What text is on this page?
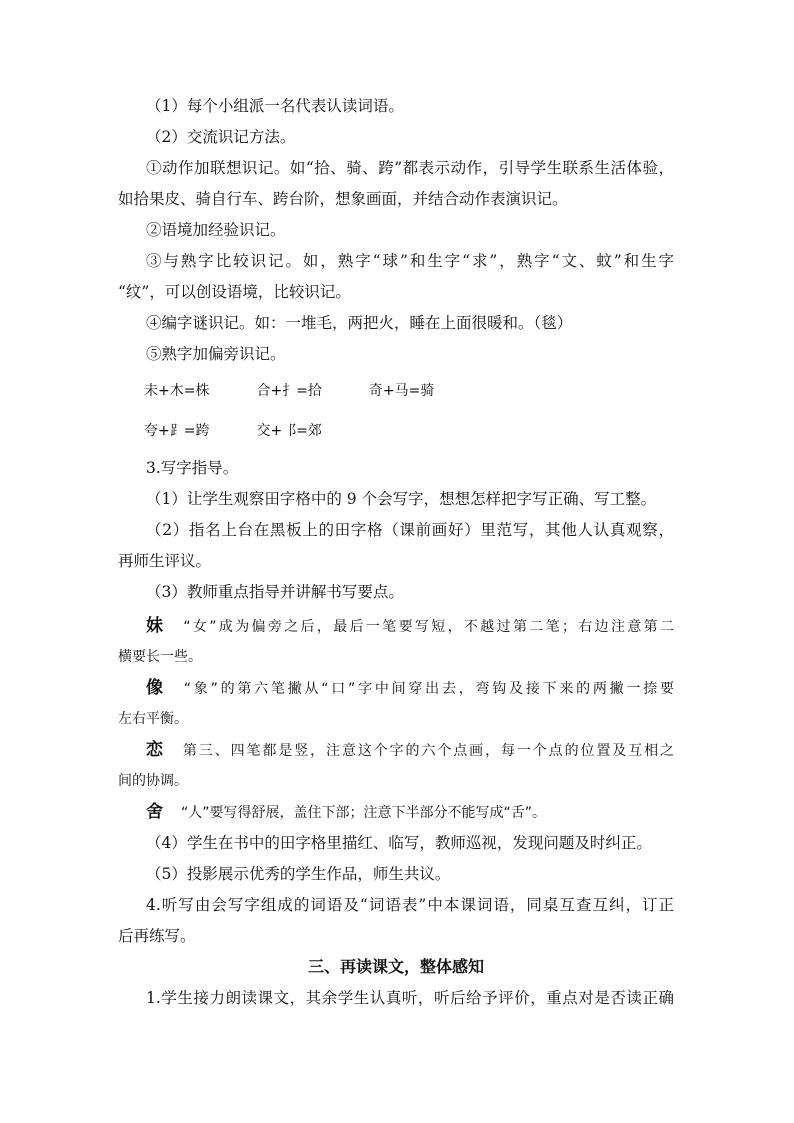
（1）每个小组派一名代表认读词语。
（2）交流识记方法。
①动作加联想识记。如“拾、骑、跨”都表示动作，引导学生联系生活体验，
如拾果皮、骑自行车、跨台阶，想象画面，并结合动作表演识记。
②语境加经验识记。
③与熟字比较识记。如，熟字“球”和生字“求”，熟字“文、蚊”和生字
“纹”，可以创设语境，比较识记。
④编字谜识记。如：一堆毛，两把火，睡在上面很暖和。（毯）
⑤熟字加偏旁识记。
未+木=株	合+扌=拾	奇+马=骑
夸+⻊=跨	交+⻏=郊
3.写字指导。
（1）让学生观察田字格中的 9 个会写字，想想怎样把字写正确、写工整。
（2）指名上台在黑板上的田字格（课前画好）里范写，其他人认真观察，
再师生评议。
（3）教师重点指导并讲解书写要点。
妹 “女”成为偏旁之后，最后一笔要写短，不越过第二笔；右边注意第二
横要长一些。
像 “象”的第六笔撇从“口”字中间穿出去，弯钩及接下来的两撇一捺要
左右平衡。
恋 第三、四笔都是竖，注意这个字的六个点画，每一个点的位置及互相之
间的协调。
舍 “人”要写得舒展，盖住下部；注意下半部分不能写成“舌”。
（4）学生在书中的田字格里描红、临写，教师巡视，发现问题及时纠正。
（5）投影展示优秀的学生作品，师生共议。
4.听写由会写字组成的词语及“词语表”中本课词语，同桌互查互纠，订正
后再练写。
三、再读课文，整体感知
1.学生接力朗读课文，其余学生认真听，听后给予评价，重点对是否读正确
